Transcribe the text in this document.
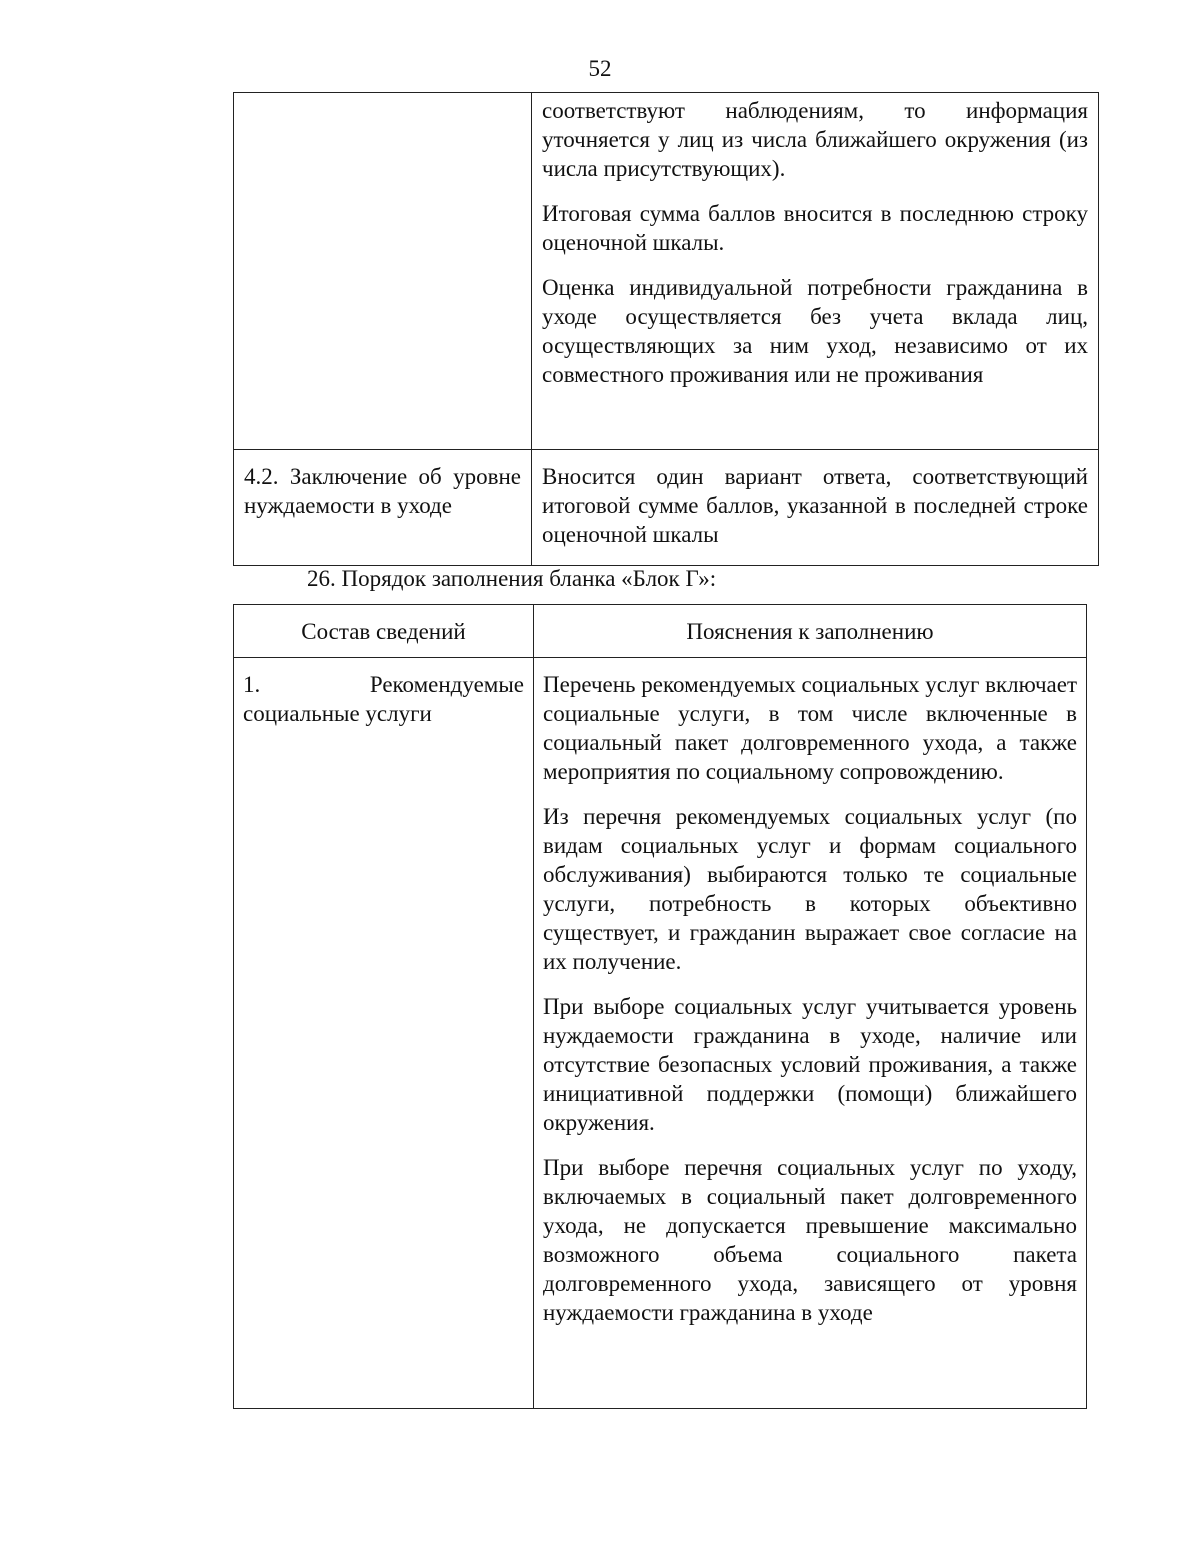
52

	соответствуют наблюдениям, то информация уточняется у лиц из числа ближайшего окружения (из числа присутствующих).

Итоговая сумма баллов вносится в последнюю строку оценочной шкалы.

Оценка индивидуальной потребности гражданина в уходе осуществляется без учета вклада лиц, осуществляющих за ним уход, независимо от их совместного проживания или не проживания

4.2. Заключение об уровне нуждаемости в уходе	Вносится один вариант ответа, соответствующий итоговой сумме баллов, указанной в последней строке оценочной шкалы

26. Порядок заполнения бланка «Блок Г»:
Состав сведений	Пояснения к заполнению

1. Рекомендуемые социальные услуги	Перечень рекомендуемых социальных услуг включает социальные услуги, в том числе включенные в социальный пакет долговременного ухода, а также мероприятия по социальному сопровождению.

Из перечня рекомендуемых социальных услуг (по видам социальных услуг и формам социального обслуживания) выбираются только те социальные услуги, потребность в которых объективно существует, и гражданин выражает свое согласие на их получение.

При выборе социальных услуг учитывается уровень нуждаемости гражданина в уходе, наличие или отсутствие безопасных условий проживания, а также инициативной поддержки (помощи) ближайшего окружения.

При выборе перечня социальных услуг по уходу, включаемых в социальный пакет долговременного ухода, не допускается превышение максимально возможного объема социального пакета долговременного ухода, зависящего от уровня нуждаемости гражданина в уходе
